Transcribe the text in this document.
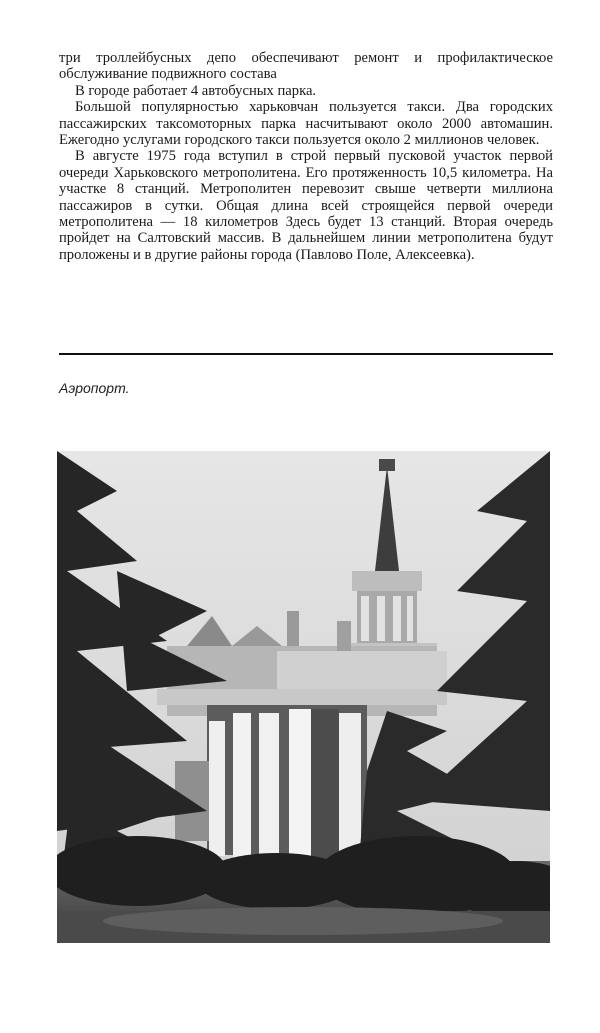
три троллейбусных депо обеспечивают ремонт и профилактическое обслуживание подвижного состава

В городе работает 4 автобусных парка.

Большой популярностью харьковчан пользуется такси. Два городских пассажирских таксомоторных парка насчитывают около 2000 автомашин. Ежегодно услугами городского такси пользуется около 2 миллионов человек.

В августе 1975 года вступил в строй первый пусковой участок первой очереди Харьковского метрополитена. Его протяженность 10,5 километра. На участке 8 станций. Метрополитен перевозит свыше четверти миллиона пассажиров в сутки. Общая длина всей строящейся первой очереди метрополитена — 18 километров Здесь будет 13 станций. Вторая очередь пройдет на Салтовский массив. В дальнейшем линии метрополитена будут проложены и в другие районы города (Павлово Поле, Алексеевка).

Аэропорт.
